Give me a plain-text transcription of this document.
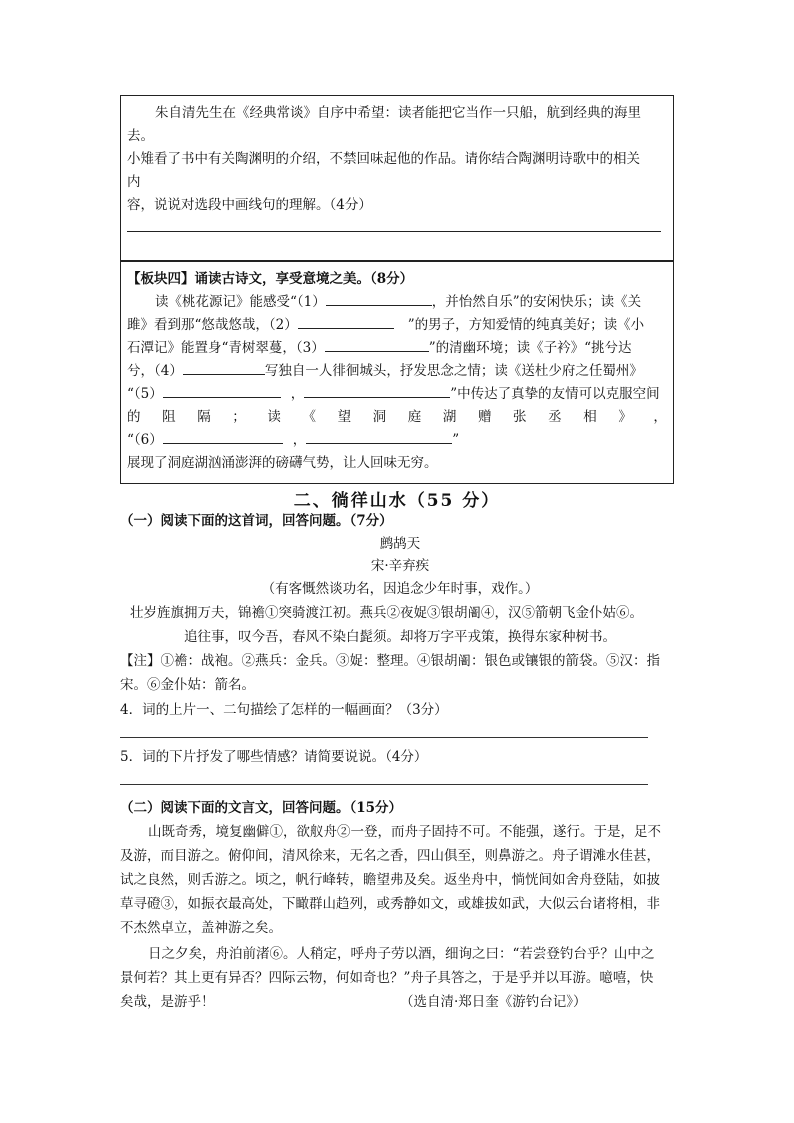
朱自清先生在《经典常谈》自序中希望：读者能把它当作一只船，航到经典的海里
去。
小雉看了书中有关陶渊明的介绍，不禁回味起他的作品。请你结合陶渊明诗歌中的相关
内
容，说说对选段中画线句的理解。（4分）
【板块四】诵读古诗文，享受意境之美。（8分）
读《桃花源记》能感受“（1）	，并怡然自乐”的安闲快乐；读《关
雎》看到那“悠哉悠哉，（2）	”的男子，方知爱情的纯真美好；读《小
石潭记》能置身“青树翠蔓，（3）	”的清幽环境；读《子衿》“挑兮达
兮，（4）	写独自一人徘徊城头，抒发思念之情；读《送杜少府之任蜀州》
“（5）	，	”中传达了真挚的友情可以克服空间
的 阻 隔 ； 读 《 望 洞 庭 湖 赠 张 丞 相 》 ，
“（6）	，	”
展现了洞庭湖汹涌澎湃的磅礴气势，让人回味无穷。
二、徜徉山水（55 分）
（一）阅读下面的这首词，回答问题。（7分）
鹧鸪天
宋·辛弃疾
（有客慨然谈功名，因追念少年时事，戏作。）
壮岁旌旗拥万夫，锦襜①突骑渡江初。燕兵②夜娖③银胡𬮴④，汉⑤箭朝飞金仆姑⑥。
追往事，叹今吾，春风不染白髭须。却将万字平戎策，换得东家种树书。
【注】①襜：战袍。②燕兵：金兵。③娖：整理。④银胡𬮴：银色或镶银的箭袋。⑤汉：指
宋。⑥金仆姑：箭名。
4．词的上片一、二句描绘了怎样的一幅画面？（3分）
5．词的下片抒发了哪些情感？请简要说说。（4分）
（二）阅读下面的文言文，回答问题。（15分）
山既奇秀，境复幽僻①，欲舣舟②一登，而舟子固持不可。不能强，遂行。于是，足不
及游，而目游之。俯仰间，清风徐来，无名之香，四山俱至，则鼻游之。舟子谓滩水佳甚，
试之良然，则舌游之。顷之，帆行峰转，瞻望弗及矣。返坐舟中，惝恍间如舍舟登陆，如披
草寻磴③，如振衣最高处，下瞰群山趋列，或秀静如文，或雄拔如武，大似云台诸将相，非
不杰然卓立，盖神游之矣。
日之夕矣，舟泊前渚⑥。人稍定，呼舟子劳以酒，细询之曰：“若尝登钓台乎？山中之
景何若？其上更有异否？四际云物，何如奇也？”舟子具答之，于是乎并以耳游。噫嘻，快
矣哉，是游乎！	（选自清·郑日奎《游钓台记》）
